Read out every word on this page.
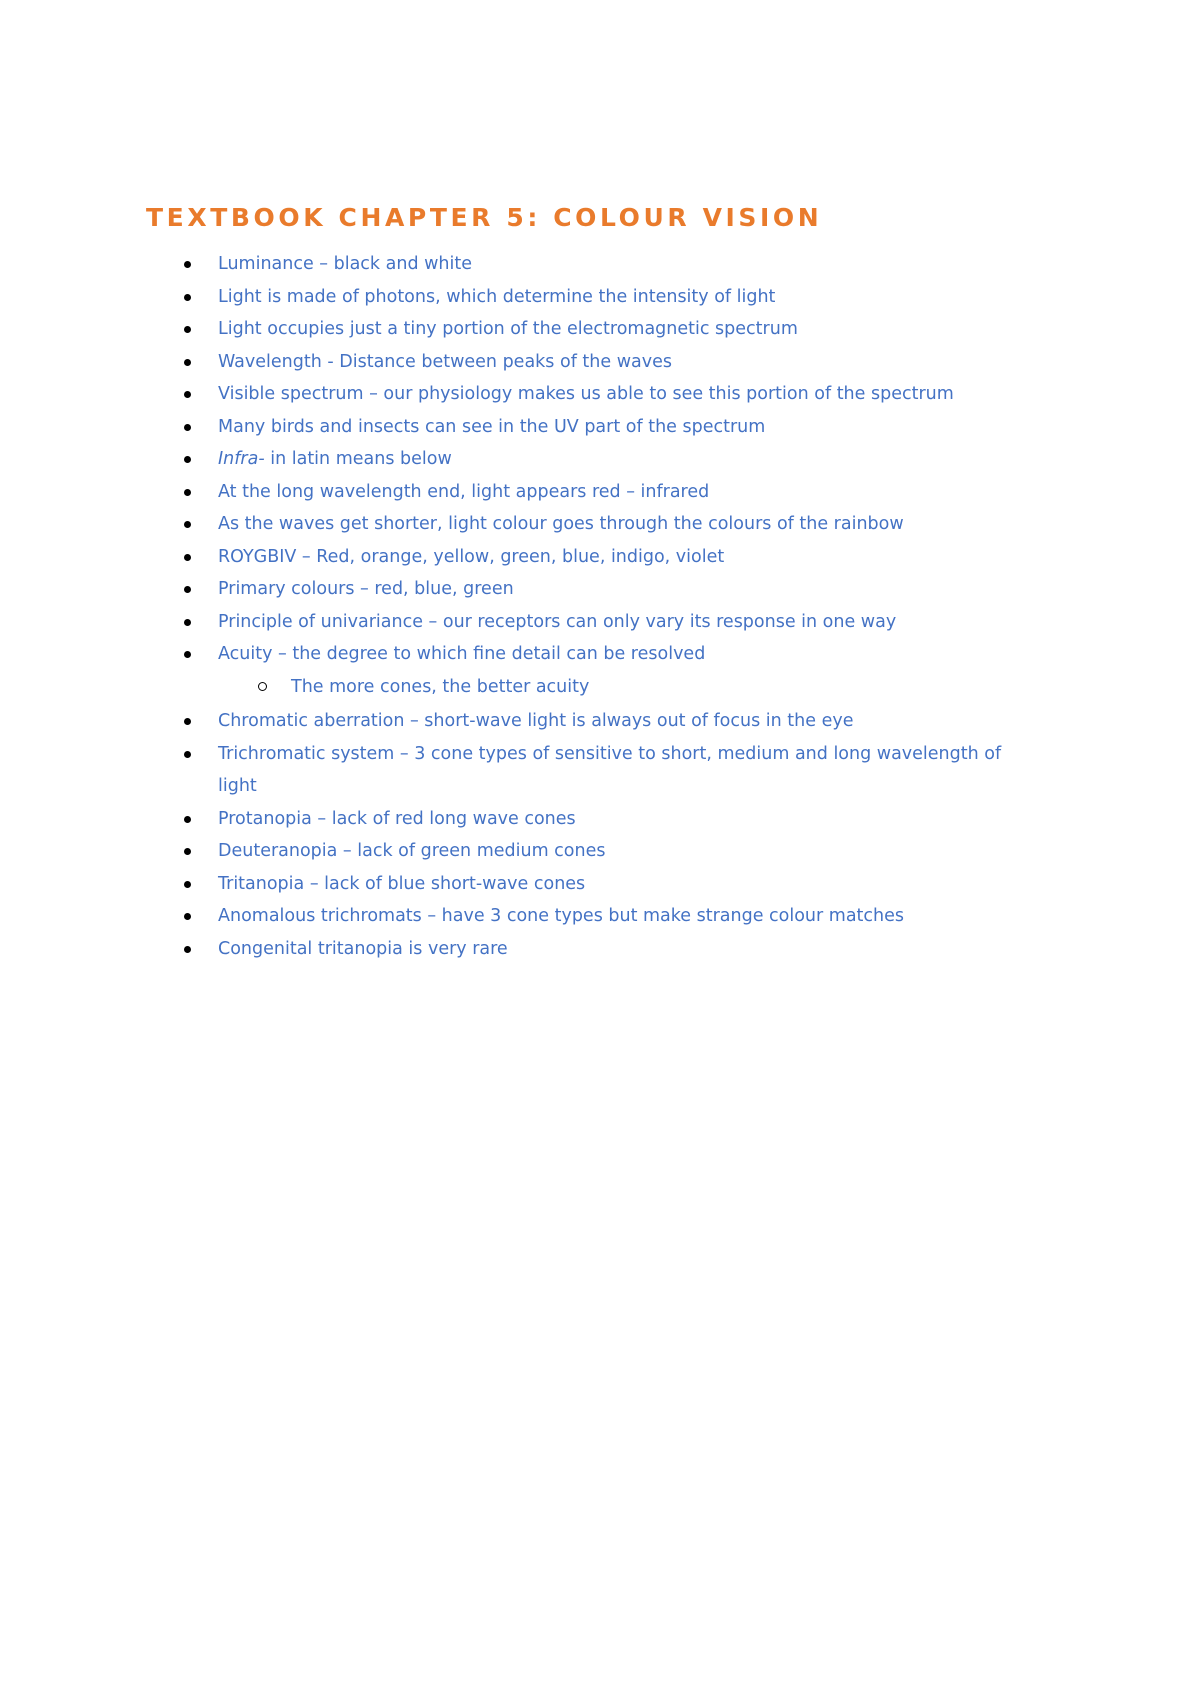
TEXTBOOK CHAPTER 5: COLOUR VISION
Luminance – black and white
Light is made of photons, which determine the intensity of light
Light occupies just a tiny portion of the electromagnetic spectrum
Wavelength - Distance between peaks of the waves
Visible spectrum – our physiology makes us able to see this portion of the spectrum
Many birds and insects can see in the UV part of the spectrum
Infra- in latin means below
At the long wavelength end, light appears red – infrared
As the waves get shorter, light colour goes through the colours of the rainbow
ROYGBIV – Red, orange, yellow, green, blue, indigo, violet
Primary colours – red, blue, green
Principle of univariance – our receptors can only vary its response in one way
Acuity – the degree to which fine detail can be resolved
The more cones, the better acuity
Chromatic aberration – short-wave light is always out of focus in the eye
Trichromatic system – 3 cone types of sensitive to short, medium and long wavelength of light
Protanopia – lack of red long wave cones
Deuteranopia – lack of green medium cones
Tritanopia – lack of blue short-wave cones
Anomalous trichromats – have 3 cone types but make strange colour matches
Congenital tritanopia is very rare
